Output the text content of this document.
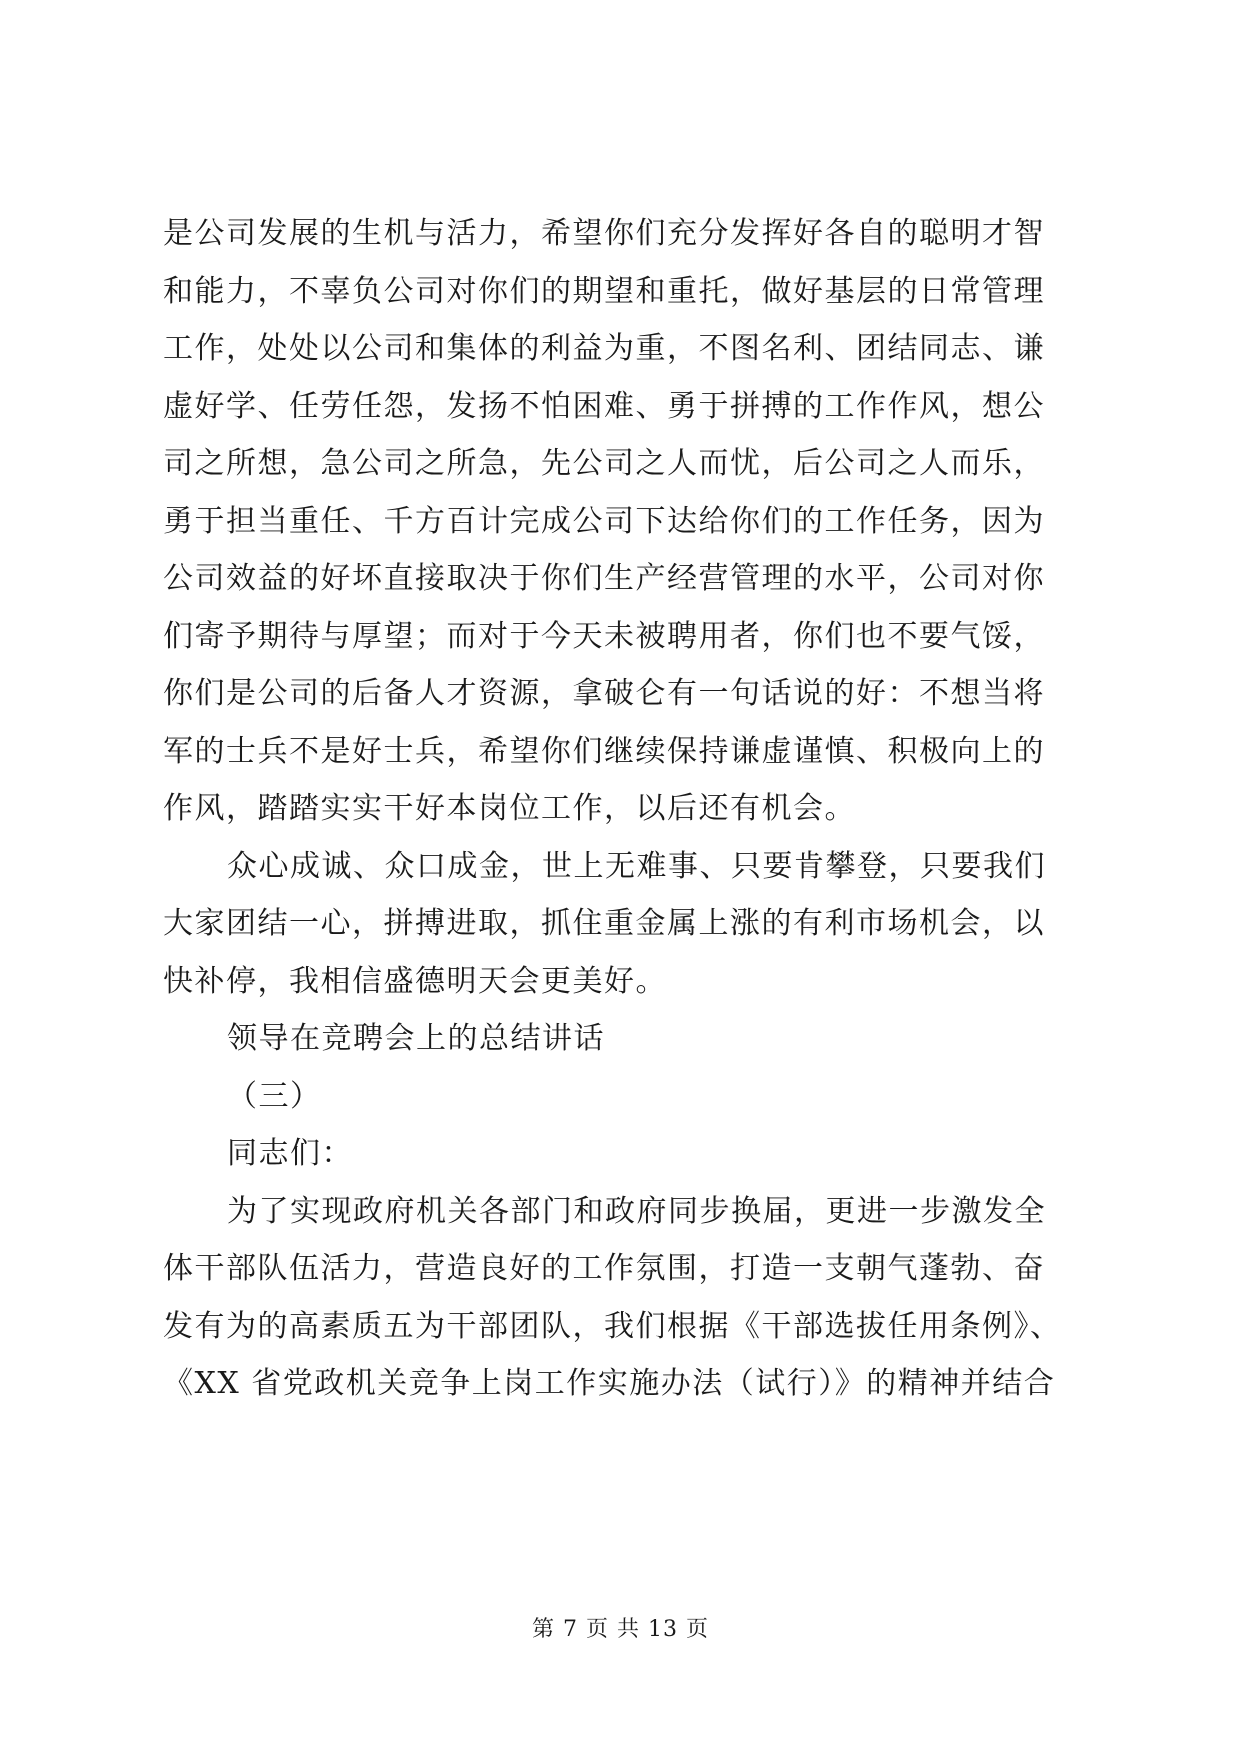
是公司发展的生机与活力，希望你们充分发挥好各自的聪明才智
和能力，不辜负公司对你们的期望和重托，做好基层的日常管理
工作，处处以公司和集体的利益为重，不图名利、团结同志、谦
虚好学、任劳任怨，发扬不怕困难、勇于拼搏的工作作风，想公
司之所想，急公司之所急，先公司之人而忧，后公司之人而乐，
勇于担当重任、千方百计完成公司下达给你们的工作任务，因为
公司效益的好坏直接取决于你们生产经营管理的水平，公司对你
们寄予期待与厚望；而对于今天未被聘用者，你们也不要气馁，
你们是公司的后备人才资源，拿破仑有一句话说的好：不想当将
军的士兵不是好士兵，希望你们继续保持谦虚谨慎、积极向上的
作风，踏踏实实干好本岗位工作，以后还有机会。
众心成诚、众口成金，世上无难事、只要肯攀登，只要我们
大家团结一心，拼搏进取，抓住重金属上涨的有利市场机会，以
快补停，我相信盛德明天会更美好。
领导在竞聘会上的总结讲话
（三）
同志们：
为了实现政府机关各部门和政府同步换届，更进一步激发全
体干部队伍活力，营造良好的工作氛围，打造一支朝气蓬勃、奋
发有为的高素质五为干部团队，我们根据《干部选拔任用条例》、
《XX 省党政机关竞争上岗工作实施办法（试行）》的精神并结合
第 7 页 共 13 页
